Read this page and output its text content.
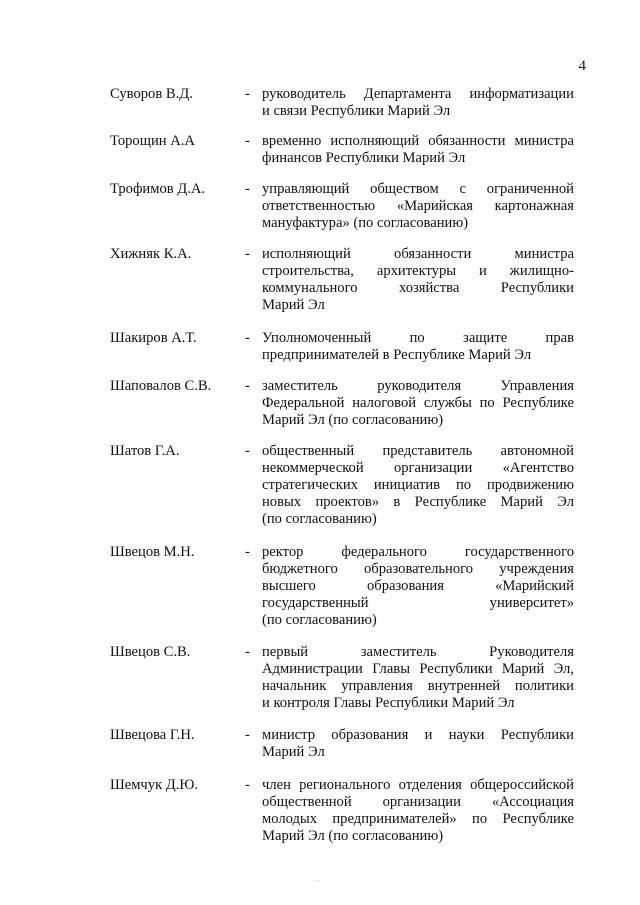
4
Суворов В.Д.	- руководитель Департамента информатизации
и связи Республики Марий Эл
Торощин А.А	- временно исполняющий обязанности министра
финансов Республики Марий Эл
Трофимов Д.А.	- управляющий обществом с ограниченной
ответственностью «Марийская картонажная
мануфактура» (по согласованию)
Хижняк К.А.	- исполняющий обязанности министра
строительства, архитектуры и жилищно-
коммунального хозяйства Республики
Марий Эл
Шакиров А.Т.	- Уполномоченный по защите прав
предпринимателей в Республике Марий Эл
Шаповалов С.В. - заместитель руководителя Управления
Федеральной налоговой службы по Республике
Марий Эл (по согласованию)
Шатов Г.А.	- общественный представитель автономной
некоммерческой организации «Агентство
стратегических инициатив по продвижению
новых проектов» в Республике Марий Эл
(по согласованию)
Швецов М.Н.	- ректор федерального государственного
бюджетного образовательного учреждения
высшего образования «Марийский
государственный университет»
(по согласованию)
Швецов С.В.	- первый заместитель Руководителя
Администрации Главы Республики Марий Эл,
начальник управления внутренней политики
и контроля Главы Республики Марий Эл
Швецова Г.Н.	- министр образования и науки Республики
Марий Эл
Шемчук Д.Ю.	- член регионального отделения общероссийской
общественной организации «Ассоциация
молодых предпринимателей» по Республике
Марий Эл (по согласованию)
